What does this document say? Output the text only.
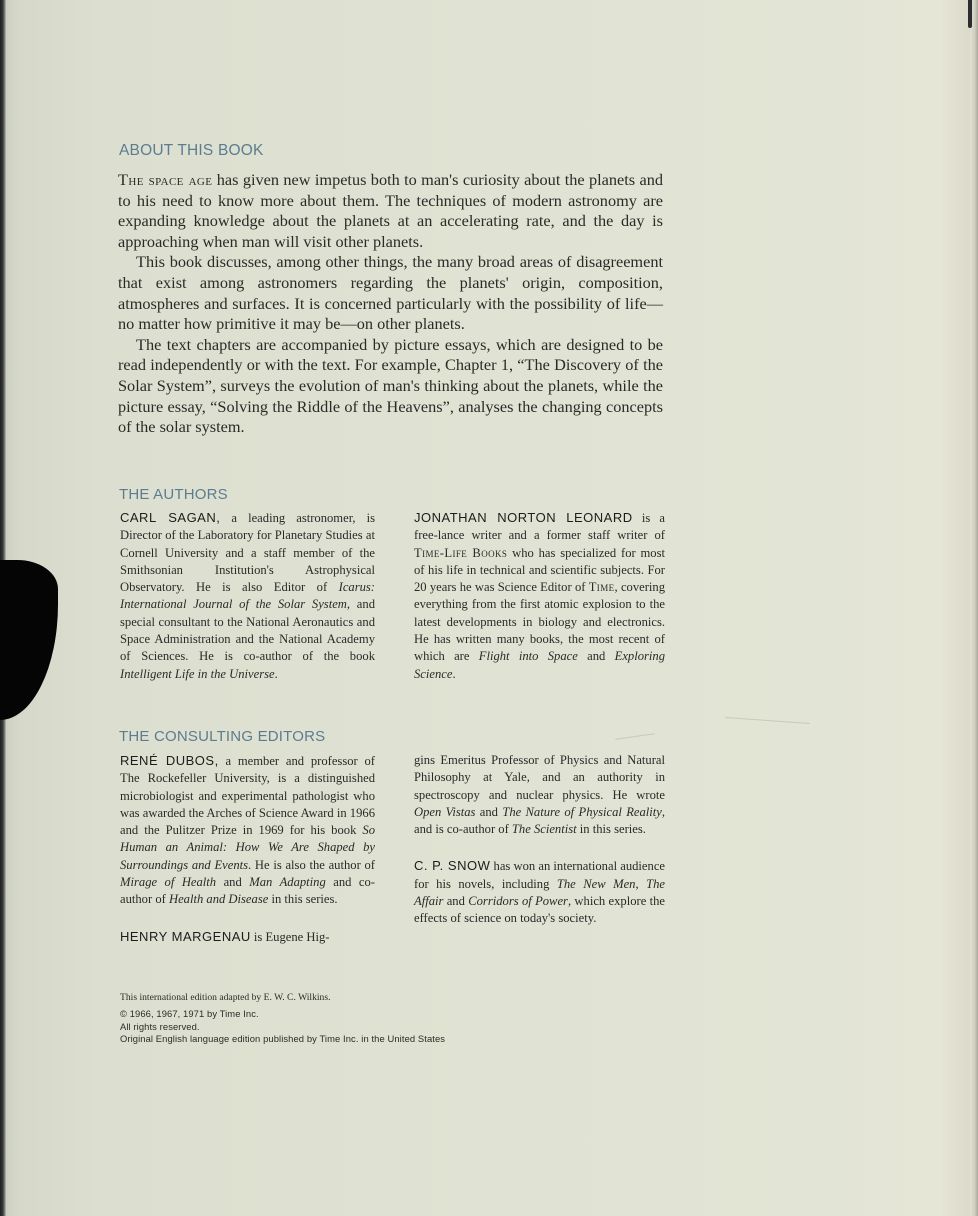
ABOUT THIS BOOK

The space age has given new impetus both to man's curiosity about the planets and to his need to know more about them. The techniques of modern astronomy are expanding knowledge about the planets at an accelerating rate, and the day is approaching when man will visit other planets.

This book discusses, among other things, the many broad areas of disagreement that exist among astronomers regarding the planets' origin, composition, atmospheres and surfaces. It is concerned particularly with the possibility of life—no matter how primitive it may be—on other planets.

The text chapters are accompanied by picture essays, which are designed to be read independently or with the text. For example, Chapter 1, “The Discovery of the Solar System”, surveys the evolution of man's thinking about the planets, while the picture essay, “Solving the Riddle of the Heavens”, analyses the changing concepts of the solar system.

THE AUTHORS

CARL SAGAN, a leading astronomer, is Director of the Laboratory for Planetary Studies at Cornell University and a staff member of the Smithsonian Institution's Astrophysical Observatory. He is also Editor of Icarus: International Journal of the Solar System, and special consultant to the National Aeronautics and Space Administration and the National Academy of Sciences. He is co-author of the book Intelligent Life in the Universe.

JONATHAN NORTON LEONARD is a free-lance writer and a former staff writer of Time-Life Books who has specialized for most of his life in technical and scientific subjects. For 20 years he was Science Editor of Time, covering everything from the first atomic explosion to the latest developments in biology and electronics. He has written many books, the most recent of which are Flight into Space and Exploring Science.

THE CONSULTING EDITORS

RENÉ DUBOS, a member and professor of The Rockefeller University, is a distinguished microbiologist and experimental pathologist who was awarded the Arches of Science Award in 1966 and the Pulitzer Prize in 1969 for his book So Human an Animal: How We Are Shaped by Surroundings and Events. He is also the author of Mirage of Health and Man Adapting and co-author of Health and Disease in this series.

HENRY MARGENAU is Eugene Hig-

gins Emeritus Professor of Physics and Natural Philosophy at Yale, and an authority in spectroscopy and nuclear physics. He wrote Open Vistas and The Nature of Physical Reality, and is co-author of The Scientist in this series.

C. P. SNOW has won an international audience for his novels, including The New Men, The Affair and Corridors of Power, which explore the effects of science on today's society.

This international edition adapted by E. W. C. Wilkins.

© 1966, 1967, 1971 by Time Inc.

All rights reserved.

Original English language edition published by Time Inc. in the United States
